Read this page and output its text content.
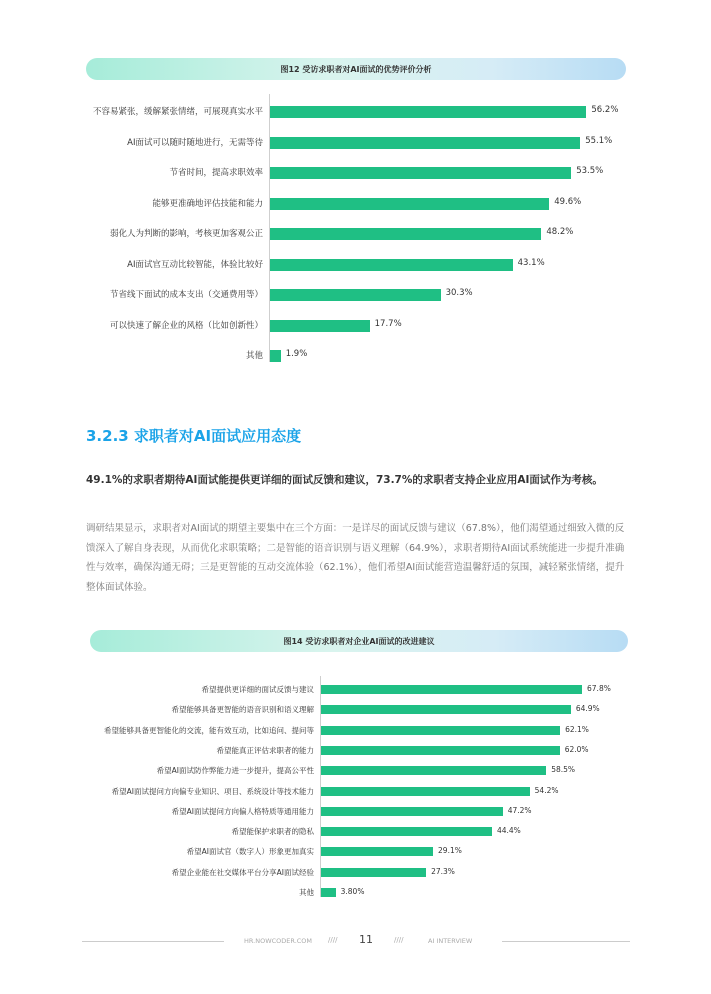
图12 受访求职者对AI面试的优势评价分析
不容易紧张，缓解紧张情绪，可展现真实水平	56.2%
AI面试可以随时随地进行，无需等待	55.1%
节省时间，提高求职效率	53.5%
能够更准确地评估技能和能力	49.6%
弱化人为判断的影响，考核更加客观公正	48.2%
AI面试官互动比较智能，体验比较好	43.1%
节省线下面试的成本支出（交通费用等）	30.3%
可以快速了解企业的风格（比如创新性）	17.7%
其他	1.9%
3.2.3 求职者对AI面试应用态度
49.1%的求职者期待AI面试能提供更详细的面试反馈和建议，73.7%的求职者支持企业应用AI面试作为考核。
调研结果显示，求职者对AI面试的期望主要集中在三个方面：一是详尽的面试反馈与建议（67.8%），他们渴望通过细致入微的反馈深入了解自身表现，从而优化求职策略；二是智能的语音识别与语义理解（64.9%），求职者期待AI面试系统能进一步提升准确性与效率，确保沟通无碍；三是更智能的互动交流体验（62.1%），他们希望AI面试能营造温馨舒适的氛围，减轻紧张情绪，提升整体面试体验。
图14 受访求职者对企业AI面试的改进建议
希望提供更详细的面试反馈与建议	67.8%
希望能够具备更智能的语音识别和语义理解	64.9%
希望能够具备更智能化的交流，能有效互动，比如追问、提问等	62.1%
希望能真正评估求职者的能力	62.0%
希望AI面试防作弊能力进一步提升，提高公平性	58.5%
希望AI面试提问方向偏专业知识、项目、系统设计等技术能力	54.2%
希望AI面试提问方向偏人格特质等通用能力	47.2%
希望能保护求职者的隐私	44.4%
希望AI面试官（数字人）形象更加真实	29.1%
希望企业能在社交媒体平台分享AI面试经验	27.3%
其他	3.80%
HR.NOWCODER.COM //// 11	////	AI INTERVIEW
